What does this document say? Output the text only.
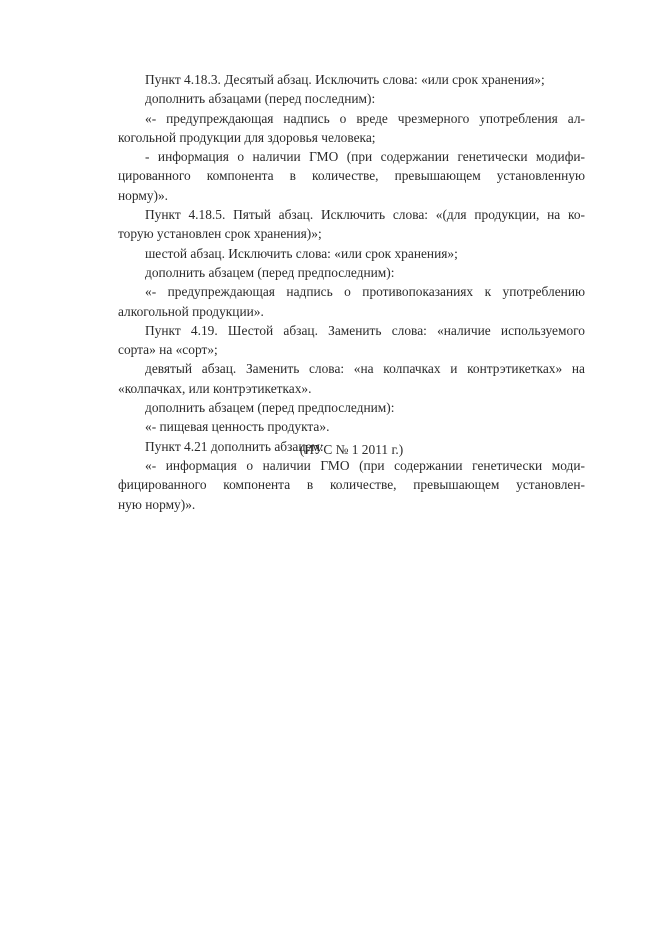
Пункт 4.18.3. Десятый абзац. Исключить слова: «или срок хранения»;
дополнить абзацами (перед последним):
«- предупреждающая надпись о вреде чрезмерного употребления ал-
когольной продукции для здоровья человека;
- информация о наличии ГМО (при содержании генетически модифи-
цированного компонента в количестве, превышающем установленную
норму)».
Пункт 4.18.5. Пятый абзац. Исключить слова: «(для продукции, на ко-
торую установлен срок хранения)»;
шестой абзац. Исключить слова: «или срок хранения»;
дополнить абзацем (перед предпоследним):
«- предупреждающая надпись о противопоказаниях к употреблению
алкогольной продукции».
Пункт 4.19. Шестой абзац. Заменить слова: «наличие используемого
сорта» на «сорт»;
девятый абзац. Заменить слова: «на колпачках и контрэтикетках» на
«колпачках, или контрэтикетках».
дополнить абзацем (перед предпоследним):
«- пищевая ценность продукта».
Пункт 4.21 дополнить абзацем:
«- информация о наличии ГМО (при содержании генетически моди-
фицированного компонента в количестве, превышающем установлен-
ную норму)».
(ИУС № 1 2011 г.)
